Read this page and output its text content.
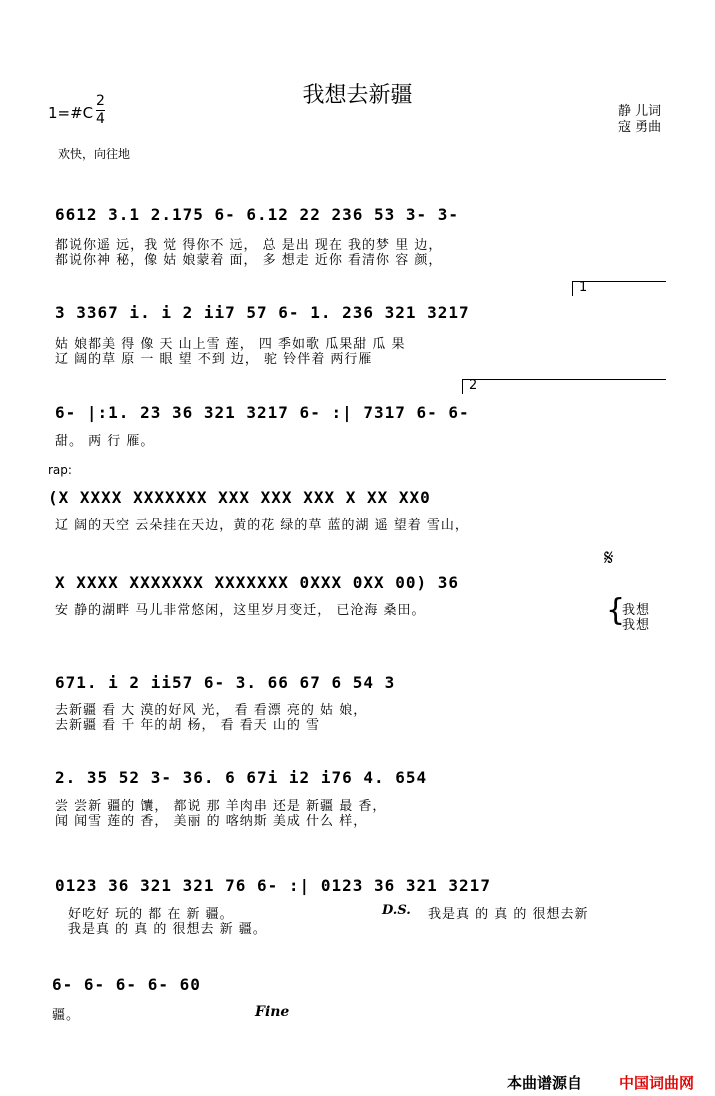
我想去新疆
1=#C
2
4	静 儿词
寇 勇曲
欢快，向往地
6612 3.1 2.175 6- 6.12 22 236 53 3- 3-
都说你遥 远，我 觉 得你不 远， 总 是出 现在 我的梦 里 边，
都说你神 秘，像 姑 娘蒙着 面， 多 想走 近你 看清你 容 颜，
1
3 3367 i. i 2 ii7 57 6- 1. 236 321 3217
姑 娘都美 得 像 天 山上雪 莲， 四 季如歌 瓜果甜 瓜 果
辽 阔的草 原 一 眼 望 不到 边， 驼 铃伴着 两行雁
2
6- |:1. 23 36 321 3217 6- :| 7317 6- 6-
甜。 两 行 雁。
rap:
(X XXXX XXXXXXX XXX XXX XXX X XX XX0
辽 阔的天空 云朵挂在天边，黄的花 绿的草 蓝的湖 遥 望着 雪山，
𝄋
X XXXX XXXXXXX XXXXXXX 0XXX 0XX 00) 36
安 静的湖畔 马儿非常悠闲，这里岁月变迁， 已沧海 桑田。	{
我想
我想
671. i 2 ii57 6- 3. 66 67 6 54 3
去新疆 看 大 漠的好风 光， 看 看漂 亮的 姑 娘，
去新疆 看 千 年的胡 杨， 看 看天 山的 雪
2. 35 52 3- 36. 6 67i i2 i76 4. 654
尝 尝新 疆的 馕， 都说 那 羊肉串 还是 新疆 最 香，
闻 闻雪 莲的 香， 美丽 的 喀纳斯 美成 什么 样，
0123 36 321 321 76 6- :| 0123 36 321 3217
好吃好 玩的 都 在 新 疆。
我是真 的 真 的 很想去 新 疆。
D.S. 我是真 的 真 的 很想去新
6- 6- 6- 6- 60
疆。	Fine
本曲谱源自 中国词曲网
